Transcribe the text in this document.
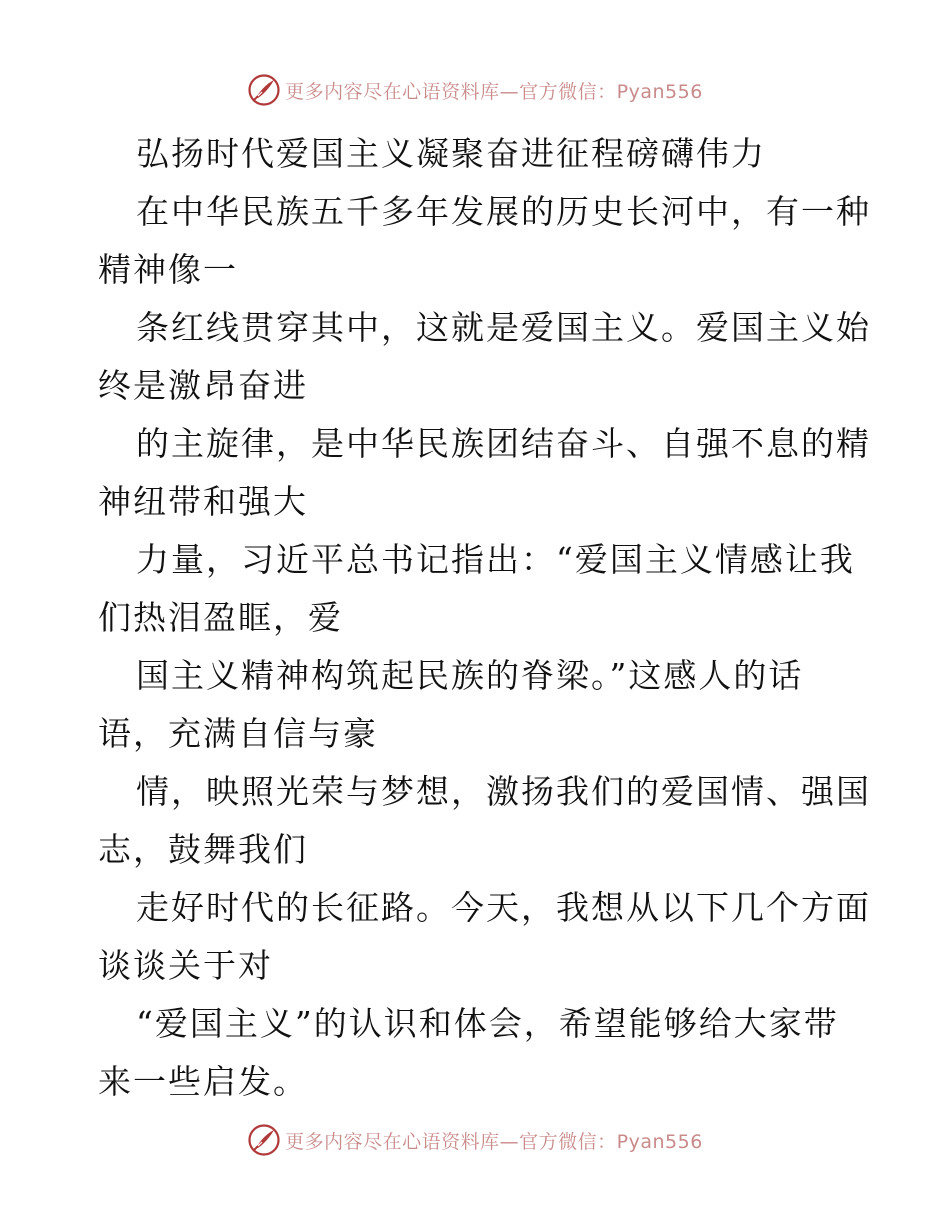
更多内容尽在心语资料库—官方微信：Pyan556
弘扬时代爱国主义凝聚奋进征程磅礴伟力
在中华民族五千多年发展的历史长河中，有一种
精神像一
条红线贯穿其中，这就是爱国主义。爱国主义始
终是激昂奋进
的主旋律，是中华民族团结奋斗、自强不息的精
神纽带和强大
力量，习近平总书记指出：“爱国主义情感让我
们热泪盈眶，爱
国主义精神构筑起民族的脊梁。”这感人的话
语，充满自信与豪
情，映照光荣与梦想，激扬我们的爱国情、强国
志，鼓舞我们
走好时代的长征路。今天，我想从以下几个方面
谈谈关于对
“爱国主义”的认识和体会，希望能够给大家带
来一些启发。
更多内容尽在心语资料库—官方微信：Pyan556
